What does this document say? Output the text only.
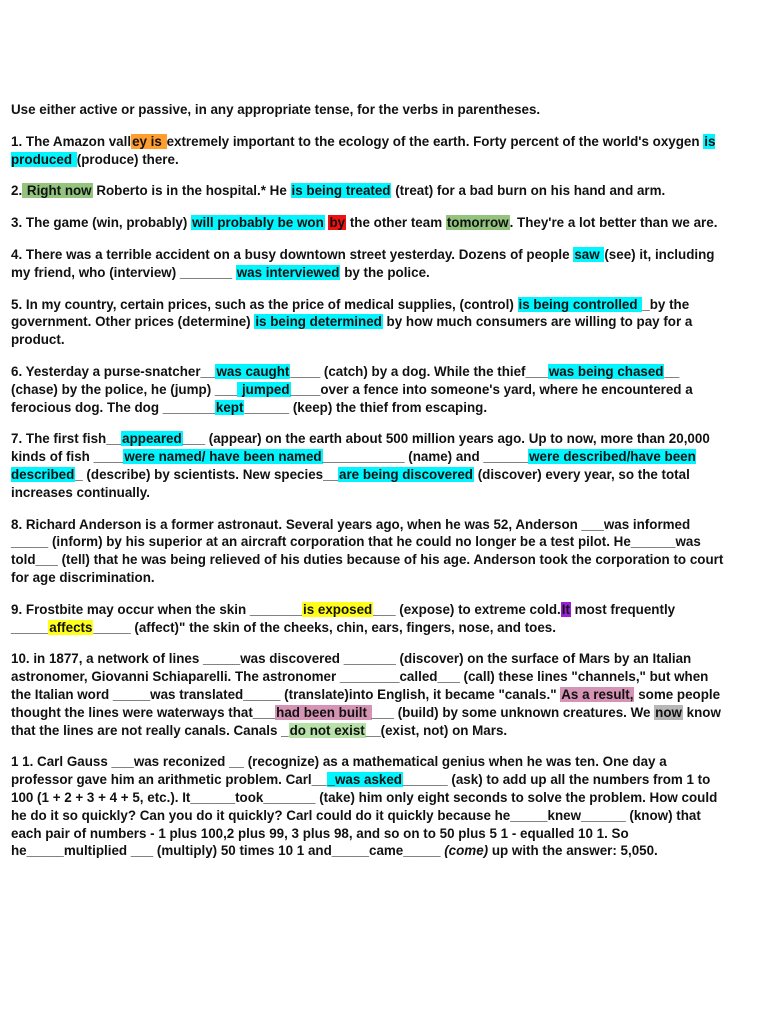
Use either active or passive, in any appropriate tense, for the verbs in parentheses.

1. The Amazon valley is extremely important to the ecology of the earth. Forty percent of the world's oxygen is produced (produce) there.

2. Right now Roberto is in the hospital.* He is being treated (treat) for a bad burn on his hand and arm.

3. The game (win, probably) will probably be won by the other team tomorrow. They're a lot better than we are.

4. There was a terrible accident on a busy downtown street yesterday. Dozens of people saw (see) it, including my friend, who (interview) _______ was interviewed by the police.

5. In my country, certain prices, such as the price of medical supplies, (control) is being controlled _by the government. Other prices (determine) is being determined by how much consumers are willing to pay for a product.

6. Yesterday a purse-snatcher__was caught____ (catch) by a dog. While the thief___was being chased__ (chase) by the police, he (jump) ___ jumped____over a fence into someone's yard, where he encountered a ferocious dog. The dog _______kept______ (keep) the thief from escaping.

7. The first fish__appeared___ (appear) on the earth about 500 million years ago. Up to now, more than 20,000 kinds of fish ____were named/ have been named___________ (name) and ______were described/have been described_ (describe) by scientists. New species__are being discovered (discover) every year, so the total increases continually.

8. Richard Anderson is a former astronaut. Several years ago, when he was 52, Anderson ___was informed _____ (inform) by his superior at an aircraft corporation that he could no longer be a test pilot. He______was told___ (tell) that he was being relieved of his duties because of his age. Anderson took the corporation to court for age discrimination.

9. Frostbite may occur when the skin _______is exposed___ (expose) to extreme cold.It most frequently _____affects_____ (affect)" the skin of the cheeks, chin, ears, fingers, nose, and toes.

10. in 1877, a network of lines _____was discovered _______ (discover) on the surface of Mars by an Italian astronomer, Giovanni Schiaparelli. The astronomer ________called___ (call) these lines "channels," but when the Italian word _____was translated_____ (translate)into English, it became "canals." As a result, some people thought the lines were waterways that___had been built ___ (build) by some unknown creatures. We now know that the lines are not really canals. Canals _do not exist__(exist, not) on Mars.

1 1. Carl Gauss ___was reconized __ (recognize) as a mathematical genius when he was ten. One day a professor gave him an arithmetic problem. Carl___was asked______ (ask) to add up all the numbers from 1 to 100 (1 + 2 + 3 + 4 + 5, etc.). It______took_______ (take) him only eight seconds to solve the problem. How could he do it so quickly? Can you do it quickly? Carl could do it quickly because he_____knew______ (know) that each pair of numbers - 1 plus 100,2 plus 99, 3 plus 98, and so on to 50 plus 5 1 - equalled 10 1. So he_____multiplied ___ (multiply) 50 times 10 1 and_____came_____ (come) up with the answer: 5,050.
